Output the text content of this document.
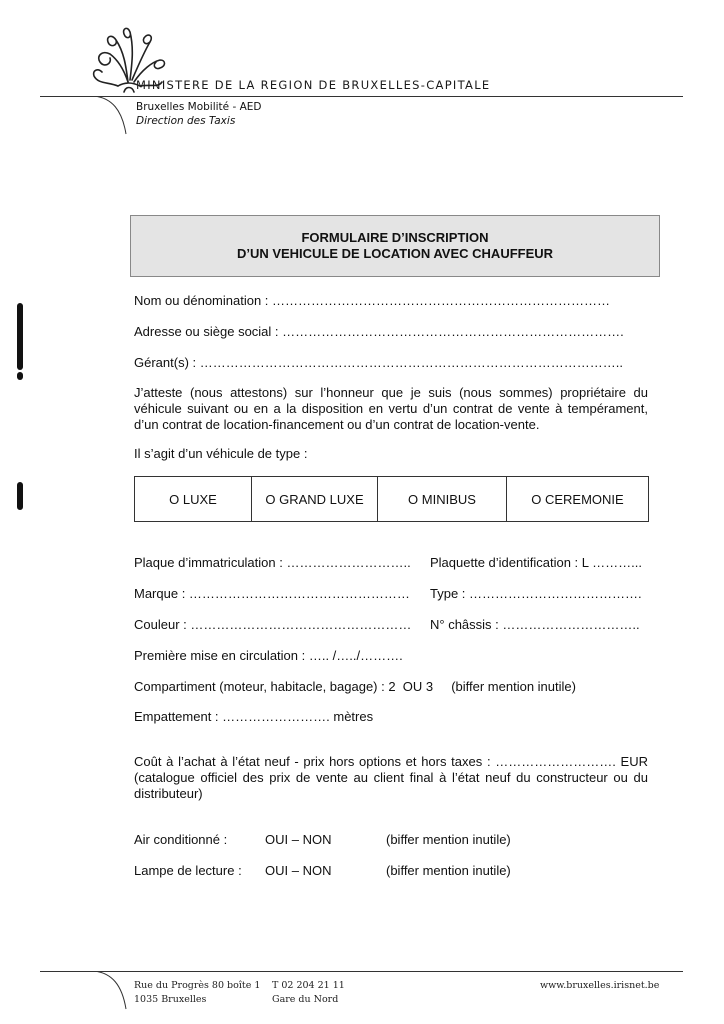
MINISTERE DE LA REGION DE BRUXELLES-CAPITALE
Bruxelles Mobilité - AED
Direction des Taxis
FORMULAIRE D’INSCRIPTION
D’UN VEHICULE DE LOCATION AVEC CHAUFFEUR
Nom ou dénomination : ……………………………………………………………………
Adresse ou siège social : …………………………………………………………………….
Gérant(s) : ……………………………………………………………………………………..
J’atteste (nous attestons) sur l’honneur que je suis (nous sommes) propriétaire du véhicule suivant ou en a la disposition en vertu d’un contrat de vente à tempérament, d’un contrat de location-financement ou d’un contrat de location-vente.
Il s’agit d’un véhicule de type :
O LUXE	O GRAND LUXE	O MINIBUS	O CEREMONIE
Plaque d’immatriculation : ……………………….. Plaquette d’identification : L ………...
Marque : …………………………………………… Type : ………………………………….
Couleur : …………………………………………… N° châssis : …………………………..
Première mise en circulation : ….. /…../……….
Compartiment (moteur, habitacle, bagage) : 2  OU 3     (biffer mention inutile)
Empattement : ……………………. mètres
Coût à l’achat à l’état neuf - prix hors options et hors taxes : ………………………. EUR (catalogue officiel des prix de vente au client final à l’état neuf du constructeur ou du distributeur)
Air conditionné :	OUI – NON	(biffer mention inutile)
Lampe de lecture : OUI – NON	(biffer mention inutile)
Rue du Progrès 80 boîte 1
1035 Bruxelles
T 02 204 21 11
Gare du Nord
www.bruxelles.irisnet.be
